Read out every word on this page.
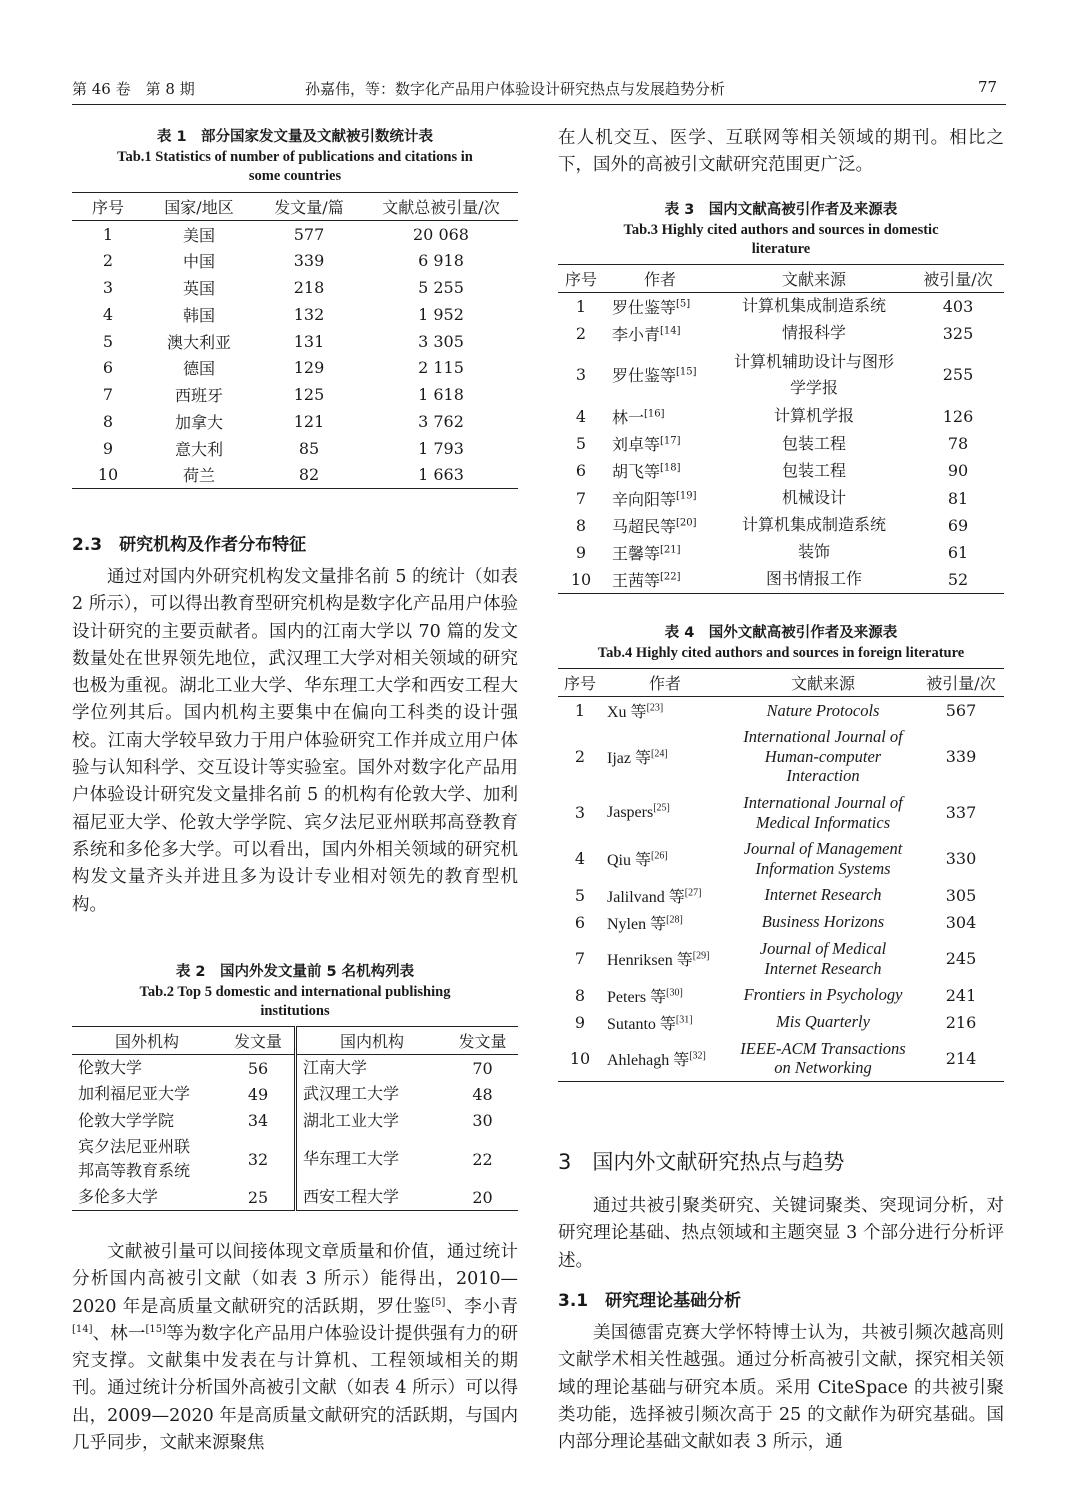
第 46 卷　第 8 期	孙嘉伟，等：数字化产品用户体验设计研究热点与发展趋势分析	77
表 1　部分国家发文量及文献被引数统计表
Tab.1 Statistics of number of publications and citations in some countries
序号	国家/地区	发文量/篇	文献总被引量/次
1	美国	577	20 068
2	中国	339	6 918
3	英国	218	5 255
4	韩国	132	1 952
5	澳大利亚	131	3 305
6	德国	129	2 115
7	西班牙	125	1 618
8	加拿大	121	3 762
9	意大利	85	1 793
10	荷兰	82	1 663
2.3　研究机构及作者分布特征
通过对国内外研究机构发文量排名前 5 的统计（如表 2 所示），可以得出教育型研究机构是数字化产品用户体验设计研究的主要贡献者。国内的江南大学以 70 篇的发文数量处在世界领先地位，武汉理工大学对相关领域的研究也极为重视。湖北工业大学、华东理工大学和西安工程大学位列其后。国内机构主要集中在偏向工科类的设计强校。江南大学较早致力于用户体验研究工作并成立用户体验与认知科学、交互设计等实验室。国外对数字化产品用户体验设计研究发文量排名前 5 的机构有伦敦大学、加利福尼亚大学、伦敦大学学院、宾夕法尼亚州联邦高登教育系统和多伦多大学。可以看出，国内外相关领域的研究机构发文量齐头并进且多为设计专业相对领先的教育型机构。
表 2　国内外发文量前 5 名机构列表
Tab.2 Top 5 domestic and international publishing institutions
国外机构	发文量	国内机构	发文量
伦敦大学	56	江南大学	70
加利福尼亚大学	49	武汉理工大学	48
伦敦大学学院	34	湖北工业大学	30
宾夕法尼亚州联邦高等教育系统	32	华东理工大学	22
多伦多大学	25	西安工程大学	20
文献被引量可以间接体现文章质量和价值，通过统计分析国内高被引文献（如表 3 所示）能得出，2010—2020 年是高质量文献研究的活跃期，罗仕鉴[5]、李小青[14]、林一[15]等为数字化产品用户体验设计提供强有力的研究支撑。文献集中发表在与计算机、工程领域相关的期刊。通过统计分析国外高被引文献（如表 4 所示）可以得出，2009—2020 年是高质量文献研究的活跃期，与国内几乎同步，文献来源聚焦
在人机交互、医学、互联网等相关领域的期刊。相比之下，国外的高被引文献研究范围更广泛。
表 3　国内文献高被引作者及来源表
Tab.3 Highly cited authors and sources in domestic literature
序号	作者	文献来源	被引量/次
1	罗仕鉴等[5]	计算机集成制造系统	403
2	李小青[14]	情报科学	325
3	罗仕鉴等[15]	计算机辅助设计与图形学学报	255
4	林一[16]	计算机学报	126
5	刘卓等[17]	包装工程	78
6	胡飞等[18]	包装工程	90
7	辛向阳等[19]	机械设计	81
8	马超民等[20]	计算机集成制造系统	69
9	王馨等[21]	装饰	61
10	王茜等[22]	图书情报工作	52
表 4　国外文献高被引作者及来源表
Tab.4 Highly cited authors and sources in foreign literature
序号	作者	文献来源	被引量/次
1	Xu 等[23]	Nature Protocols	567
2	Ijaz 等[24]	International Journal of Human-computer Interaction	339
3	Jaspers[25]	International Journal of Medical Informatics	337
4	Qiu 等[26]	Journal of Management Information Systems	330
5	Jalilvand 等[27]	Internet Research	305
6	Nylen 等[28]	Business Horizons	304
7	Henriksen 等[29]	Journal of Medical Internet Research	245
8	Peters 等[30]	Frontiers in Psychology	241
9	Sutanto 等[31]	Mis Quarterly	216
10	Ahlehagh 等[32]	IEEE-ACM Transactions on Networking	214
3　国内外文献研究热点与趋势
通过共被引聚类研究、关键词聚类、突现词分析，对研究理论基础、热点领域和主题突显 3 个部分进行分析评述。
3.1　研究理论基础分析
美国德雷克赛大学怀特博士认为，共被引频次越高则文献学术相关性越强。通过分析高被引文献，探究相关领域的理论基础与研究本质。采用 CiteSpace 的共被引聚类功能，选择被引频次高于 25 的文献作为研究基础。国内部分理论基础文献如表 3 所示，通
